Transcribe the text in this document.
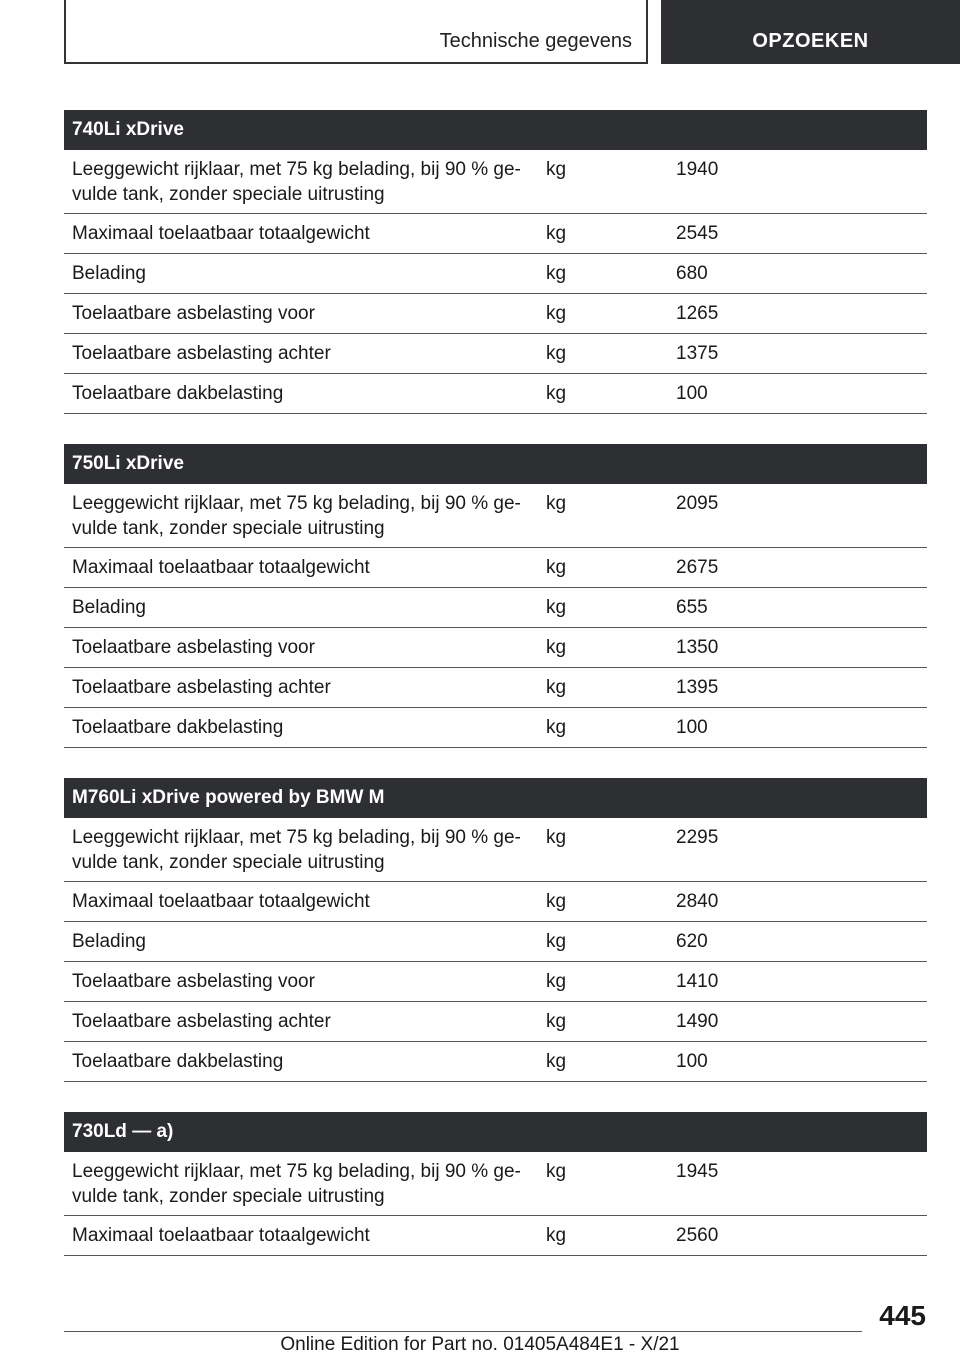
Technische gegevens	OPZOEKEN
740Li xDrive
Leeggewicht rijklaar, met 75 kg belading, bij 90 % ge-
vulde tank, zonder speciale uitrusting
kg	1940
Maximaal toelaatbaar totaalgewicht	kg	2545
Belading	kg	680
Toelaatbare asbelasting voor	kg	1265
Toelaatbare asbelasting achter	kg	1375
Toelaatbare dakbelasting	kg	100
750Li xDrive
Leeggewicht rijklaar, met 75 kg belading, bij 90 % ge-
vulde tank, zonder speciale uitrusting
kg	2095
Maximaal toelaatbaar totaalgewicht	kg	2675
Belading	kg	655
Toelaatbare asbelasting voor	kg	1350
Toelaatbare asbelasting achter	kg	1395
Toelaatbare dakbelasting	kg	100
M760Li xDrive powered by BMW M
Leeggewicht rijklaar, met 75 kg belading, bij 90 % ge-
vulde tank, zonder speciale uitrusting
kg	2295
Maximaal toelaatbaar totaalgewicht	kg	2840
Belading	kg	620
Toelaatbare asbelasting voor	kg	1410
Toelaatbare asbelasting achter	kg	1490
Toelaatbare dakbelasting	kg	100
730Ld — a)
Leeggewicht rijklaar, met 75 kg belading, bij 90 % ge-
vulde tank, zonder speciale uitrusting
kg	1945
Maximaal toelaatbaar totaalgewicht	kg	2560
445
Online Edition for Part no. 01405A484E1 - X/21
